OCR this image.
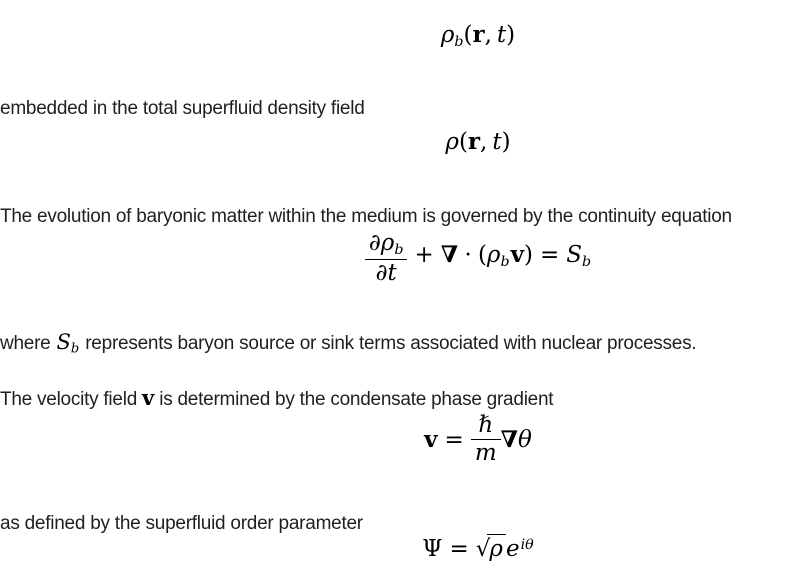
ρb(r, t)

embedded in the total superfluid density field

ρ(r, t)

The evolution of baryonic matter within the medium is governed by the continuity equation

$\frac{\partial\rho b}{\partial t}$ + ∇ ⋅ (ρbv) = Sb

where Sb represents baryon source or sink terms associated with nuclear processes.

The velocity field v is determined by the condensate phase gradient

$v = \frac{\text{ℏ}}{m} \nabla\theta$

as defined by the superfluid order parameter

Ψ = √ρ $e^{i\theta}$
